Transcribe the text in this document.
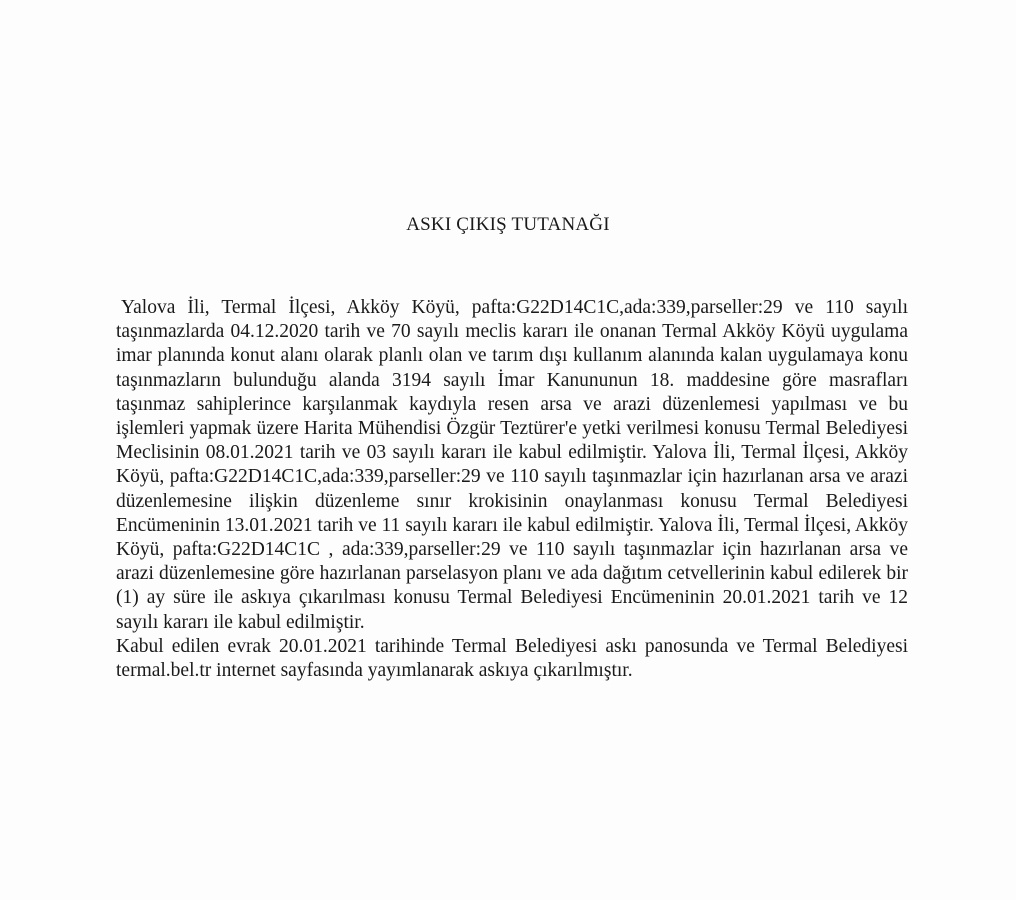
ASKI ÇIKIŞ TUTANAĞI
Yalova İli, Termal İlçesi, Akköy Köyü, pafta:G22D14C1C,ada:339,parseller:29 ve 110 sayılı taşınmazlarda 04.12.2020 tarih ve 70 sayılı meclis kararı ile onanan Termal Akköy Köyü uygulama imar planında konut alanı olarak planlı olan ve tarım dışı kullanım alanında kalan uygulamaya konu taşınmazların bulunduğu alanda 3194 sayılı İmar Kanununun 18. maddesine göre masrafları taşınmaz sahiplerince karşılanmak kaydıyla resen arsa ve arazi düzenlemesi yapılması ve bu işlemleri yapmak üzere Harita Mühendisi Özgür Teztürer'e yetki verilmesi konusu Termal Belediyesi Meclisinin 08.01.2021 tarih ve 03 sayılı kararı ile kabul edilmiştir. Yalova İli, Termal İlçesi, Akköy Köyü, pafta:G22D14C1C,ada:339,parseller:29 ve 110 sayılı taşınmazlar için hazırlanan arsa ve arazi düzenlemesine ilişkin düzenleme sınır krokisinin onaylanması konusu Termal Belediyesi Encümeninin 13.01.2021 tarih ve 11 sayılı kararı ile kabul edilmiştir. Yalova İli, Termal İlçesi, Akköy Köyü, pafta:G22D14C1C , ada:339,parseller:29 ve 110 sayılı taşınmazlar için hazırlanan arsa ve arazi düzenlemesine göre hazırlanan parselasyon planı ve ada dağıtım cetvellerinin kabul edilerek bir (1) ay süre ile askıya çıkarılması konusu Termal Belediyesi Encümeninin 20.01.2021 tarih ve 12 sayılı kararı ile kabul edilmiştir.
Kabul edilen evrak 20.01.2021 tarihinde Termal Belediyesi askı panosunda ve Termal Belediyesi termal.bel.tr internet sayfasında yayımlanarak askıya çıkarılmıştır.
